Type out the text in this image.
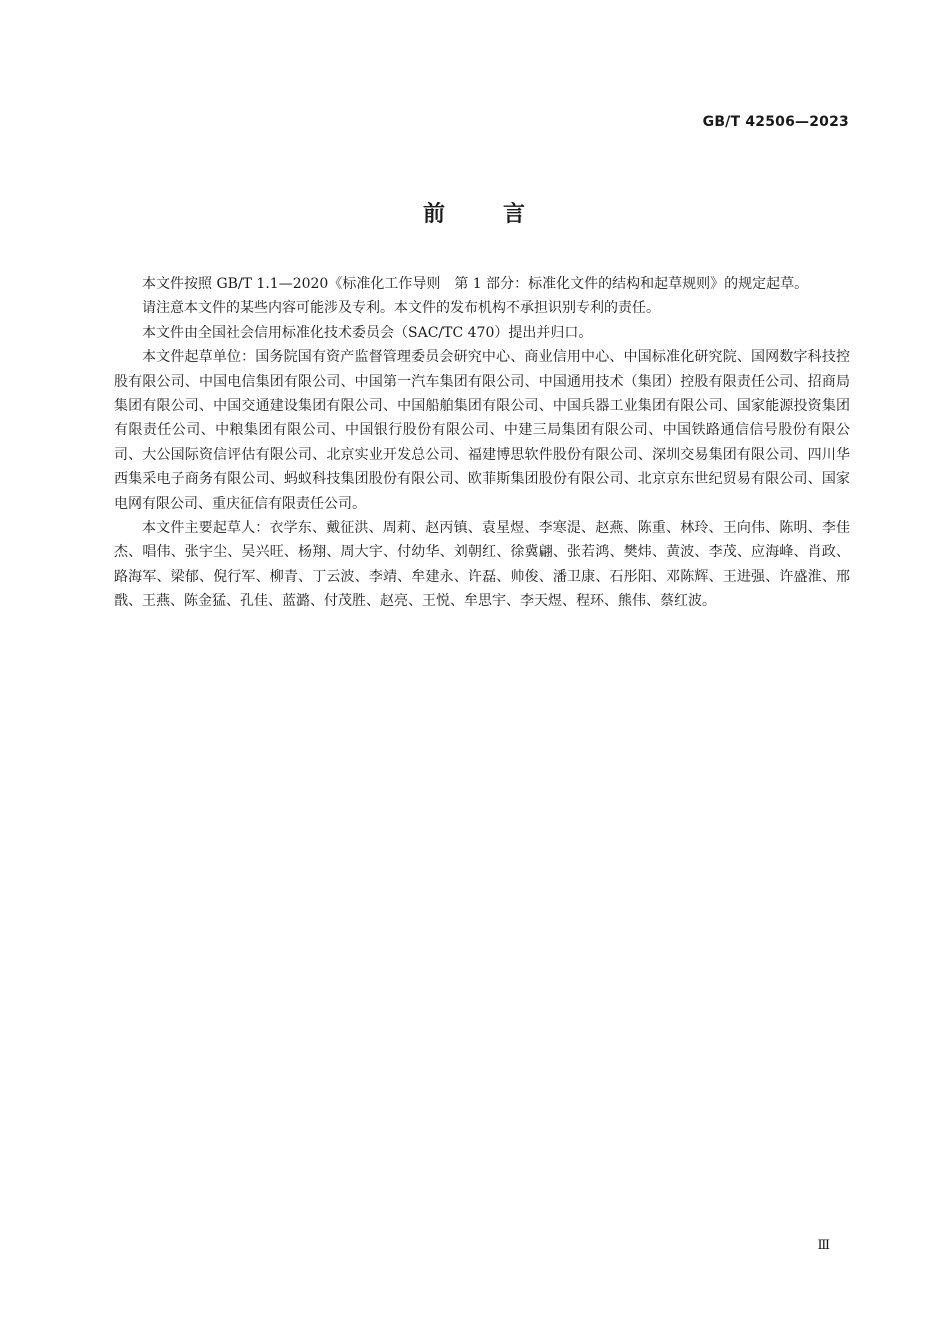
GB/T 42506—2023
前	言

本文件按照 GB/T 1.1—2020《标准化工作导则　第 1 部分：标准化文件的结构和起草规则》的规定起草。

请注意本文件的某些内容可能涉及专利。本文件的发布机构不承担识别专利的责任。

本文件由全国社会信用标准化技术委员会（SAC/TC 470）提出并归口。

本文件起草单位：国务院国有资产监督管理委员会研究中心、商业信用中心、中国标准化研究院、国网数字科技控股有限公司、中国电信集团有限公司、中国第一汽车集团有限公司、中国通用技术（集团）控股有限责任公司、招商局集团有限公司、中国交通建设集团有限公司、中国船舶集团有限公司、中国兵器工业集团有限公司、国家能源投资集团有限责任公司、中粮集团有限公司、中国银行股份有限公司、中建三局集团有限公司、中国铁路通信信号股份有限公司、大公国际资信评估有限公司、北京实业开发总公司、福建博思软件股份有限公司、深圳交易集团有限公司、四川华西集采电子商务有限公司、蚂蚁科技集团股份有限公司、欧菲斯集团股份有限公司、北京京东世纪贸易有限公司、国家电网有限公司、重庆征信有限责任公司。

本文件主要起草人：衣学东、戴征洪、周莉、赵丙镇、袁星煜、李寒湜、赵燕、陈重、林玲、王向伟、陈明、李佳杰、唱伟、张宇尘、吴兴旺、杨翔、周大宇、付幼华、刘朝红、徐冀翩、张若鸿、樊炜、黄波、李茂、应海峰、肖政、路海军、梁郁、倪行军、柳青、丁云波、李靖、牟建永、许磊、帅俊、潘卫康、石彤阳、邓陈辉、王进强、许盛淮、邢戬、王燕、陈金猛、孔佳、蓝潞、付茂胜、赵亮、王悦、牟思宇、李天煜、程环、熊伟、蔡红波。

Ⅲ
